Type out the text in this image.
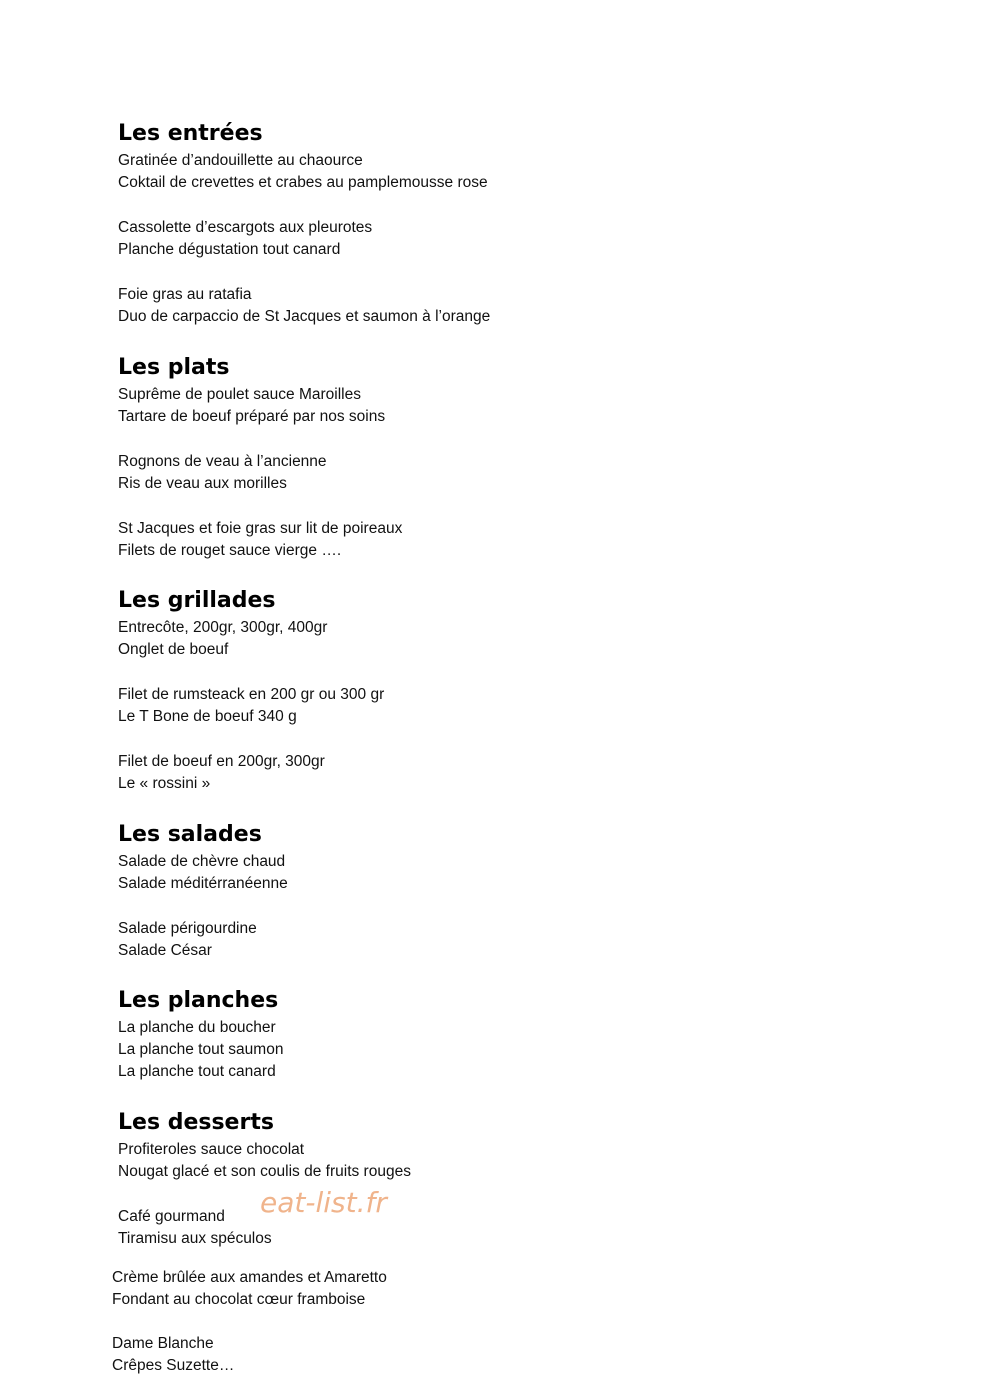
Les entrées

Gratinée d’andouillette au chaource

Coktail de crevettes et crabes au pamplemousse rose

Cassolette d’escargots aux pleurotes

Planche dégustation tout canard

Foie gras au ratafia

Duo de carpaccio de St Jacques et saumon à l’orange

Les plats

Suprême de poulet sauce Maroilles

Tartare de boeuf préparé par nos soins

Rognons de veau à l’ancienne

Ris de veau aux morilles

St Jacques et foie gras sur lit de poireaux

Filets de rouget sauce vierge ….

Les grillades

Entrecôte, 200gr, 300gr, 400gr

Onglet de boeuf

Filet de rumsteack en 200 gr ou 300 gr

Le T Bone de boeuf 340 g

Filet de boeuf en 200gr, 300gr

Le « rossini »

Les salades

Salade de chèvre chaud

Salade méditérranéenne

Salade périgourdine

Salade César

Les planches

La planche du boucher

La planche tout saumon

La planche tout canard

Les desserts

Profiteroles sauce chocolat

Nougat glacé et son coulis de fruits rouges

Café gourmand

Tiramisu aux spéculos

Crème brûlée aux amandes et Amaretto

Fondant au chocolat cœur framboise

Dame Blanche

Crêpes Suzette…

eat-list.fr
